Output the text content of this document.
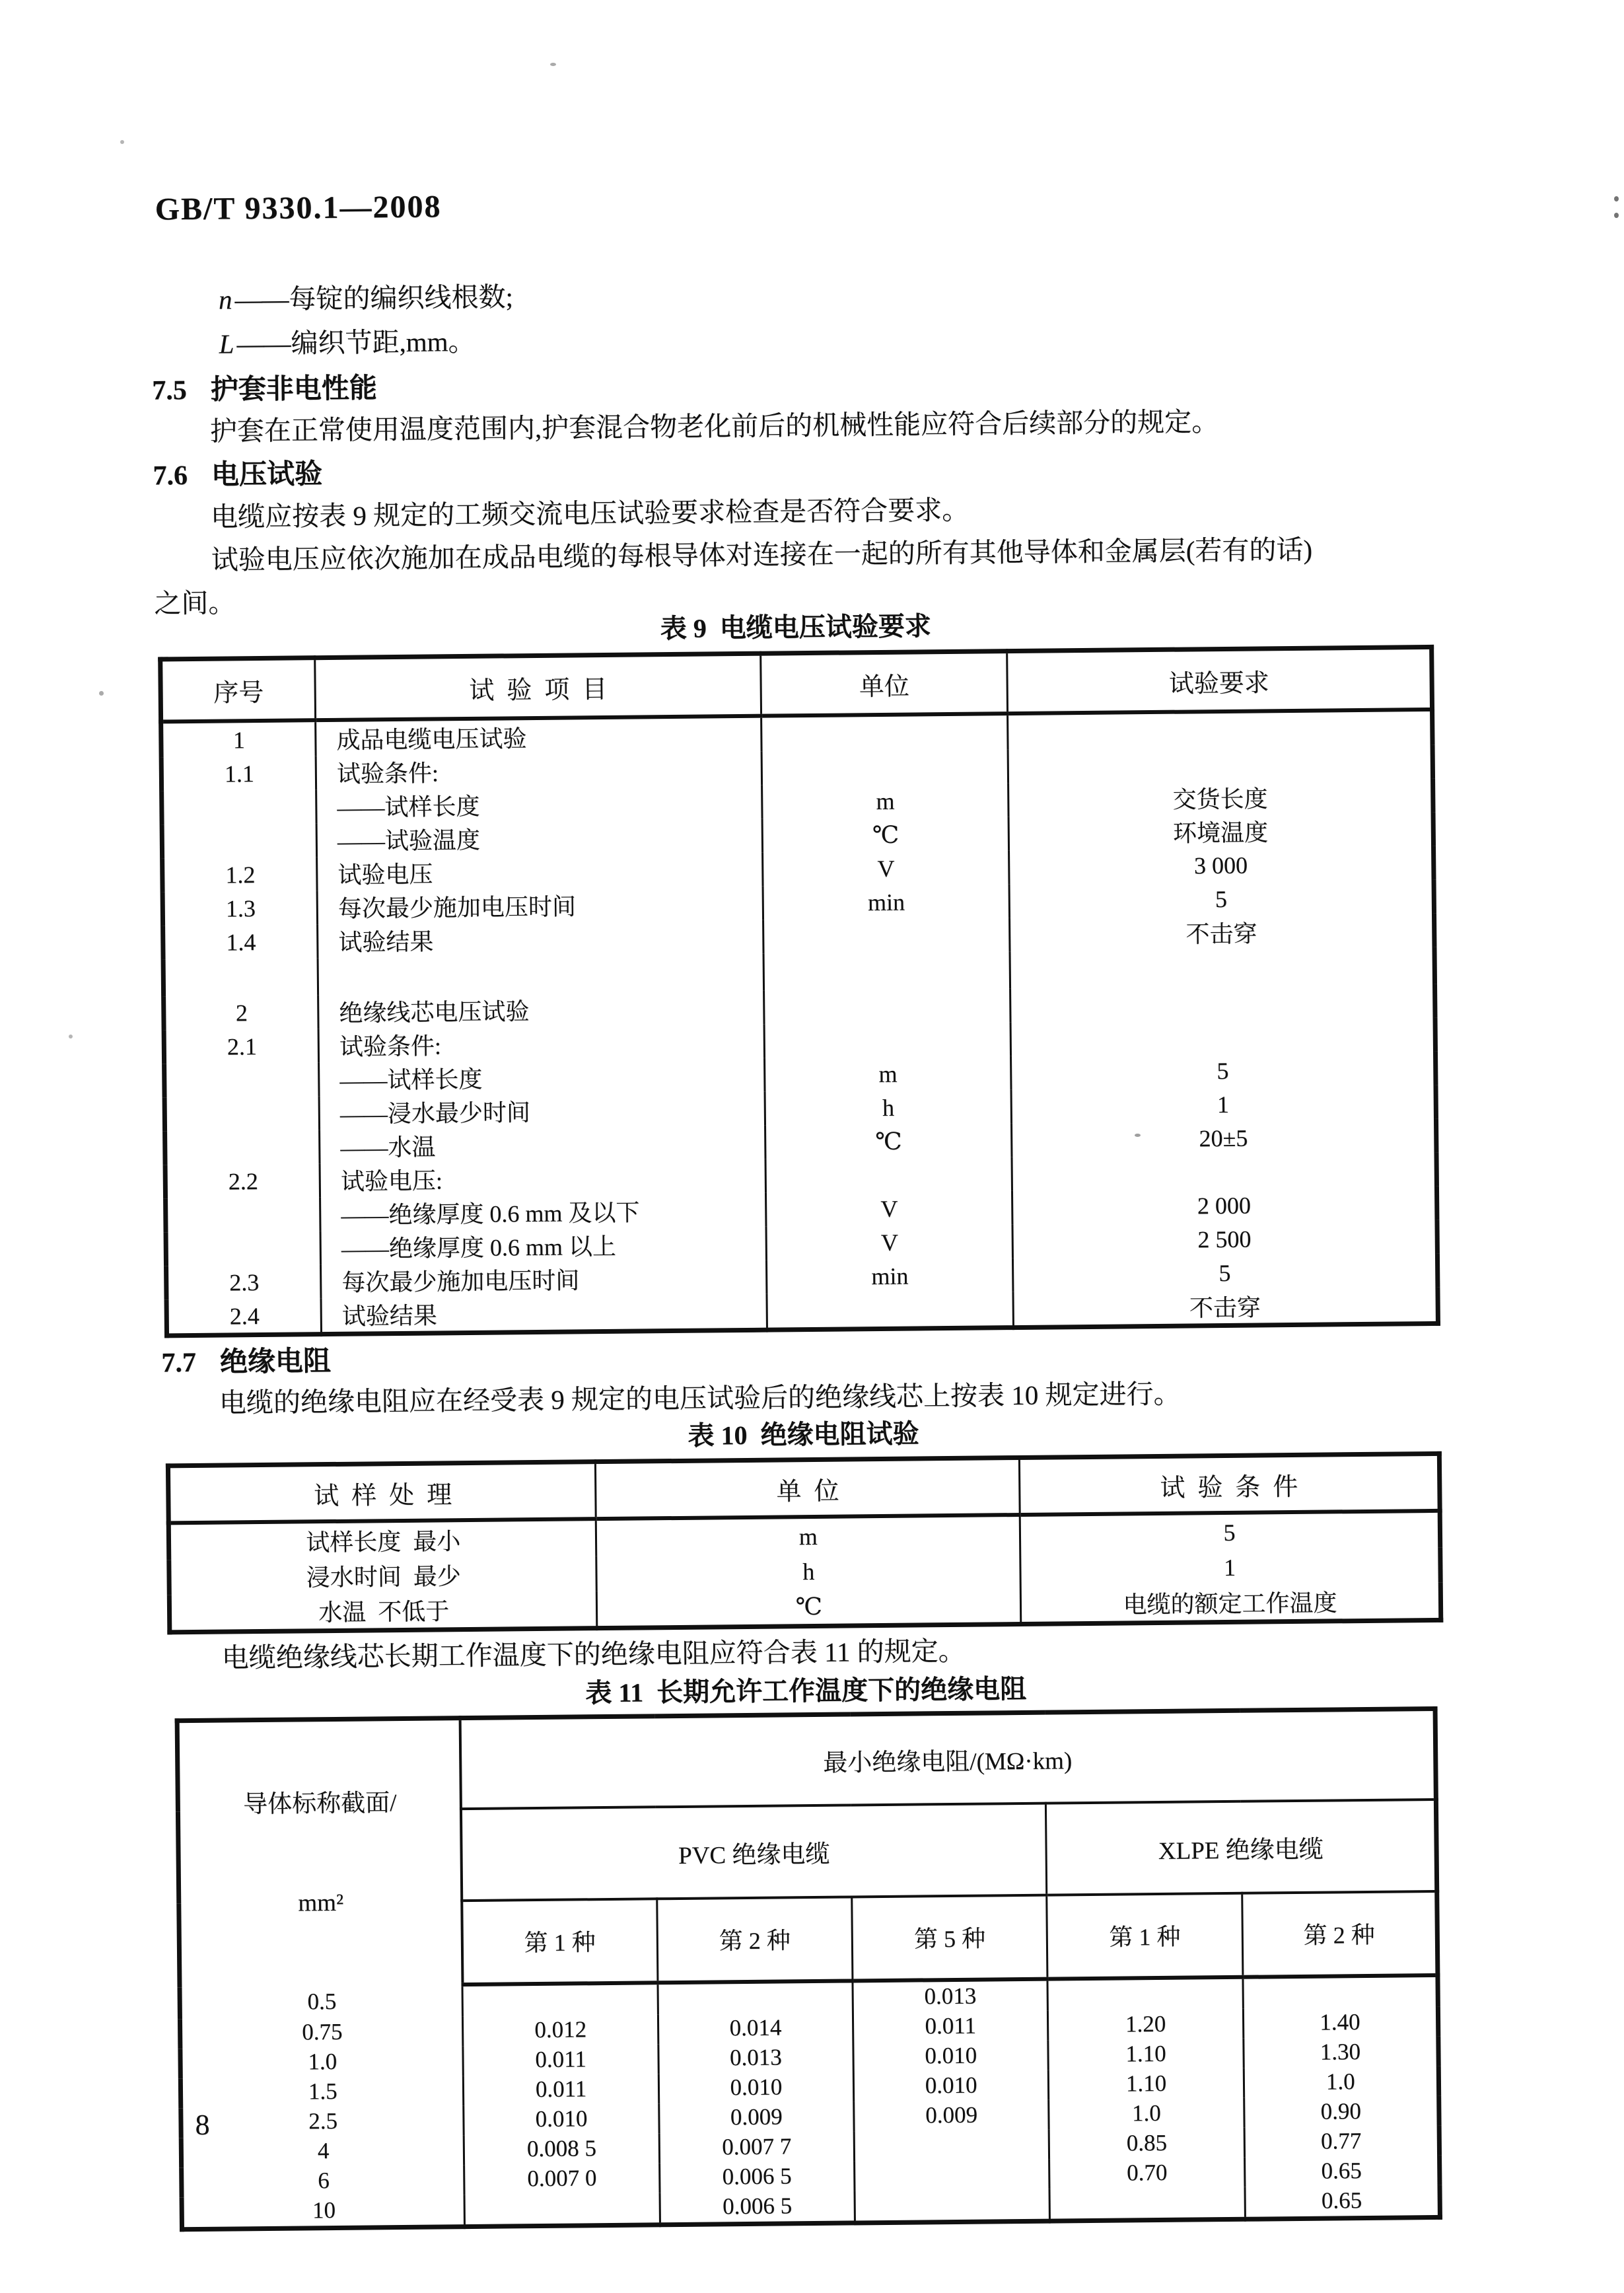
GB/T 9330.1—2008
n——每锭的编织线根数;
L——编织节距,mm。
7.5 护套非电性能
护套在正常使用温度范围内,护套混合物老化前后的机械性能应符合后续部分的规定。
7.6 电压试验
电缆应按表 9 规定的工频交流电压试验要求检查是否符合要求。
试验电压应依次施加在成品电缆的每根导体对连接在一起的所有其他导体和金属层(若有的话)
之间。
表 9  电缆电压试验要求
序号	试  验  项  目	单位	试验要求
1	成品电缆电压试验		
1.1	试验条件:		
	——试样长度	m	交货长度
	——试验温度	℃	环境温度
1.2	试验电压	V	3 000
1.3	每次最少施加电压时间	min	5
1.4	试验结果		不击穿

2	绝缘线芯电压试验		
2.1	试验条件:		
	——试样长度	m	5
	——浸水最少时间	h	1
	——水温	℃	20±5
2.2	试验电压:		
	——绝缘厚度 0.6 mm 及以下	V	2 000
	——绝缘厚度 0.6 mm 以上	V	2 500
2.3	每次最少施加电压时间	min	5
2.4	试验结果		不击穿
7.7 绝缘电阻
电缆的绝缘电阻应在经受表 9 规定的电压试验后的绝缘线芯上按表 10 规定进行。
表 10  绝缘电阻试验
试  样  处  理	单  位	试  验  条  件
试样长度  最小	m	5
浸水时间  最少	h	1
水温  不低于	℃	电缆的额定工作温度
电缆绝缘线芯长期工作温度下的绝缘电阻应符合表 11 的规定。
表 11  长期允许工作温度下的绝缘电阻

导体标称截面/

mm²	最小绝缘电阻/(MΩ·km)				
	PVC 绝缘电缆			XLPE 绝缘电缆	
	第 1 种	第 2 种	第 5 种	第 1 种	第 2 种
0.5			0.013		
0.75	0.012	0.014	0.011	1.20	1.40
1.0	0.011	0.013	0.010	1.10	1.30
1.5	0.011	0.010	0.010	1.10	1.0
2.5	0.010	0.009	0.009	1.0	0.90
4	0.008 5	0.007 7		0.85	0.77
6	0.007 0	0.006 5		0.70	0.65
10		0.006 5			0.65
8
